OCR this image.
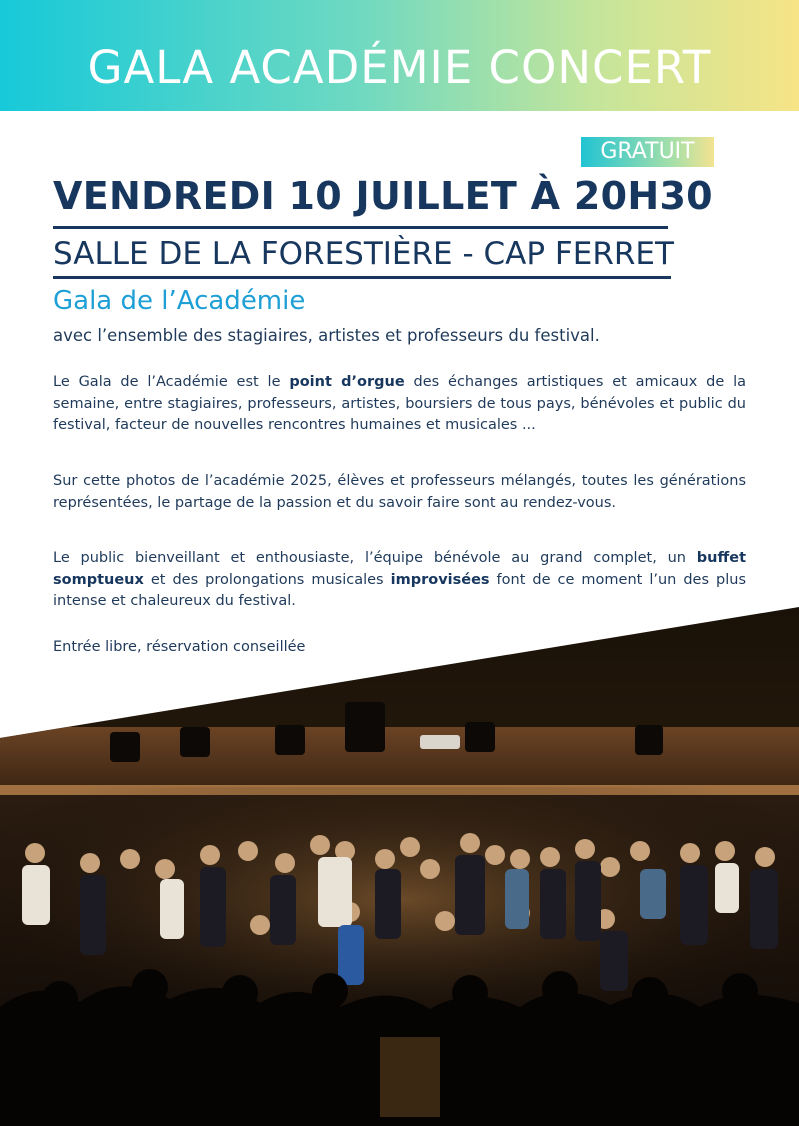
GALA ACADÉMIE CONCERT
GRATUIT
VENDREDI 10 JUILLET À 20H30
SALLE DE LA FORESTIÈRE - CAP FERRET
Gala de l’Académie
avec l’ensemble des stagiaires, artistes et professeurs du festival.

Le Gala de l’Académie est le point d’orgue des échanges artistiques et amicaux de la semaine, entre stagiaires, professeurs, artistes, boursiers de tous pays, bénévoles et public du festival, facteur de nouvelles rencontres humaines et musicales ...

Sur cette photos de l’académie 2025, élèves et professeurs mélangés, toutes les générations représentées, le partage de la passion et du savoir faire sont au rendez-vous.

Le public bienveillant et enthousiaste, l’équipe bénévole au grand complet, un buffet somptueux et des prolongations musicales improvisées font de ce moment l’un des plus intense et chaleureux du festival.

Entrée libre, réservation conseillée
